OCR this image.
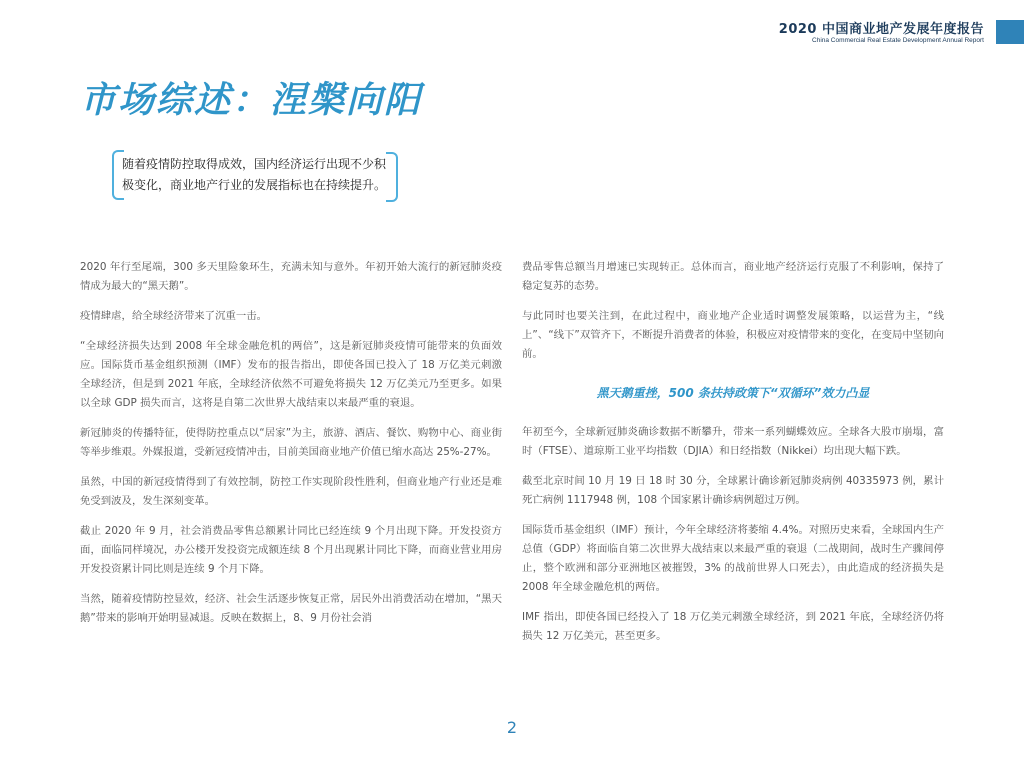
2020 中国商业地产发展年度报告
China Commercial Real Estate Development Annual Report
市场综述：涅槃向阳
随着疫情防控取得成效，国内经济运行出现不少积极变化，商业地产行业的发展指标也在持续提升。

2020 年行至尾端，300 多天里险象环生，充满未知与意外。年初开始大流行的新冠肺炎疫情成为最大的“黑天鹅”。

疫情肆虐，给全球经济带来了沉重一击。

“全球经济损失达到 2008 年全球金融危机的两倍”，这是新冠肺炎疫情可能带来的负面效应。国际货币基金组织预测（IMF）发布的报告指出，即使各国已投入了 18 万亿美元刺激全球经济，但是到 2021 年底，全球经济依然不可避免将损失 12 万亿美元乃至更多。如果以全球 GDP 损失而言，这将是自第二次世界大战结束以来最严重的衰退。

新冠肺炎的传播特征，使得防控重点以“居家”为主，旅游、酒店、餐饮、购物中心、商业街等举步维艰。外媒报道，受新冠疫情冲击，目前美国商业地产价值已缩水高达 25%-27%。

虽然，中国的新冠疫情得到了有效控制，防控工作实现阶段性胜利，但商业地产行业还是难免受到波及，发生深刻变革。

截止 2020 年 9 月，社会消费品零售总额累计同比已经连续 9 个月出现下降。开发投资方面，面临同样境况，办公楼开发投资完成额连续 8 个月出现累计同比下降，而商业营业用房开发投资累计同比则是连续 9 个月下降。

当然，随着疫情防控显效，经济、社会生活逐步恢复正常，居民外出消费活动在增加，“黑天鹅”带来的影响开始明显减退。反映在数据上，8、9 月份社会消

费品零售总额当月增速已实现转正。总体而言，商业地产经济运行克服了不利影响，保持了稳定复苏的态势。

与此同时也要关注到，在此过程中，商业地产企业适时调整发展策略，以运营为主，“线上”、“线下”双管齐下，不断提升消费者的体验，积极应对疫情带来的变化，在变局中坚韧向前。

黑天鹅重挫，500 条扶持政策下“双循环”效力凸显

年初至今，全球新冠肺炎确诊数据不断攀升，带来一系列蝴蝶效应。全球各大股市崩塌，富时（FTSE）、道琼斯工业平均指数（DJIA）和日经指数（Nikkei）均出现大幅下跌。

截至北京时间 10 月 19 日 18 时 30 分，全球累计确诊新冠肺炎病例 40335973 例，累计死亡病例 1117948 例，108 个国家累计确诊病例超过万例。

国际货币基金组织（IMF）预计，今年全球经济将萎缩 4.4%。对照历史来看，全球国内生产总值（GDP）将面临自第二次世界大战结束以来最严重的衰退（二战期间，战时生产骤间停止，整个欧洲和部分亚洲地区被摧毁，3% 的战前世界人口死去），由此造成的经济损失是 2008 年全球金融危机的两倍。

IMF 指出，即使各国已经投入了 18 万亿美元刺激全球经济，到 2021 年底，全球经济仍将损失 12 万亿美元，甚至更多。

2
